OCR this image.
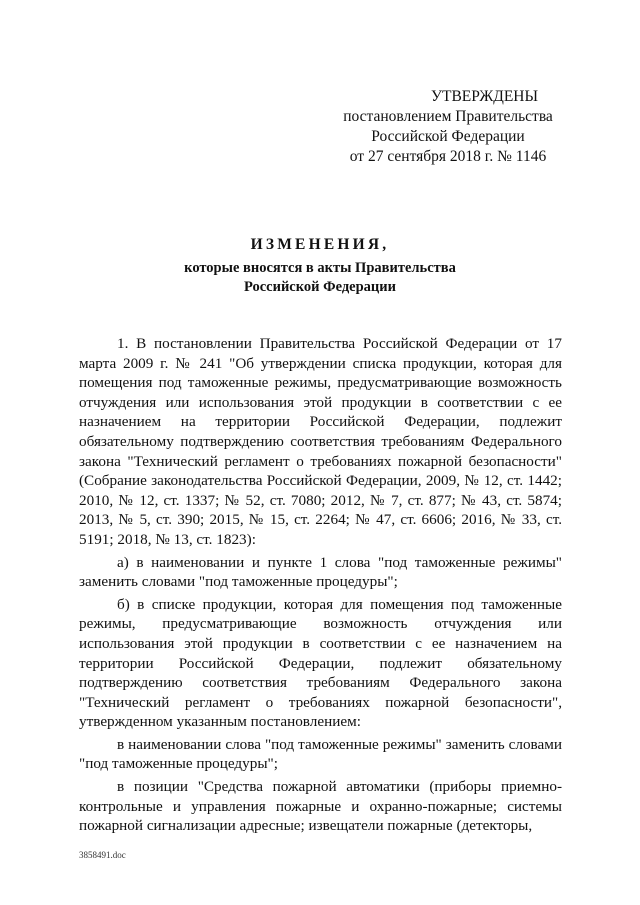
УТВЕРЖДЕНЫ
постановлением Правительства
Российской Федерации
от 27 сентября 2018 г. № 1146
ИЗМЕНЕНИЯ,
которые вносятся в акты Правительства
Российской Федерации

1. В постановлении Правительства Российской Федерации от 17 марта 2009 г. № 241 "Об утверждении списка продукции, которая для помещения под таможенные режимы, предусматривающие возможность отчуждения или использования этой продукции в соответствии с ее назначением на территории Российской Федерации, подлежит обязательному подтверждению соответствия требованиям Федерального закона "Технический регламент о требованиях пожарной безопасности" (Собрание законодательства Российской Федерации, 2009, № 12, ст. 1442; 2010, № 12, ст. 1337; № 52, ст. 7080; 2012, № 7, ст. 877; № 43, ст. 5874; 2013, № 5, ст. 390; 2015, № 15, ст. 2264; № 47, ст. 6606; 2016, № 33, ст. 5191; 2018, № 13, ст. 1823):

а) в наименовании и пункте 1 слова "под таможенные режимы" заменить словами "под таможенные процедуры";

б) в списке продукции, которая для помещения под таможенные режимы, предусматривающие возможность отчуждения или использования этой продукции в соответствии с ее назначением на территории Российской Федерации, подлежит обязательному подтверждению соответствия требованиям Федерального закона "Технический регламент о требованиях пожарной безопасности", утвержденном указанным постановлением:

в наименовании слова "под таможенные режимы" заменить словами "под таможенные процедуры";

в позиции "Средства пожарной автоматики (приборы приемно-контрольные и управления пожарные и охранно-пожарные; системы пожарной сигнализации адресные; извещатели пожарные (детекторы,

3858491.doc
